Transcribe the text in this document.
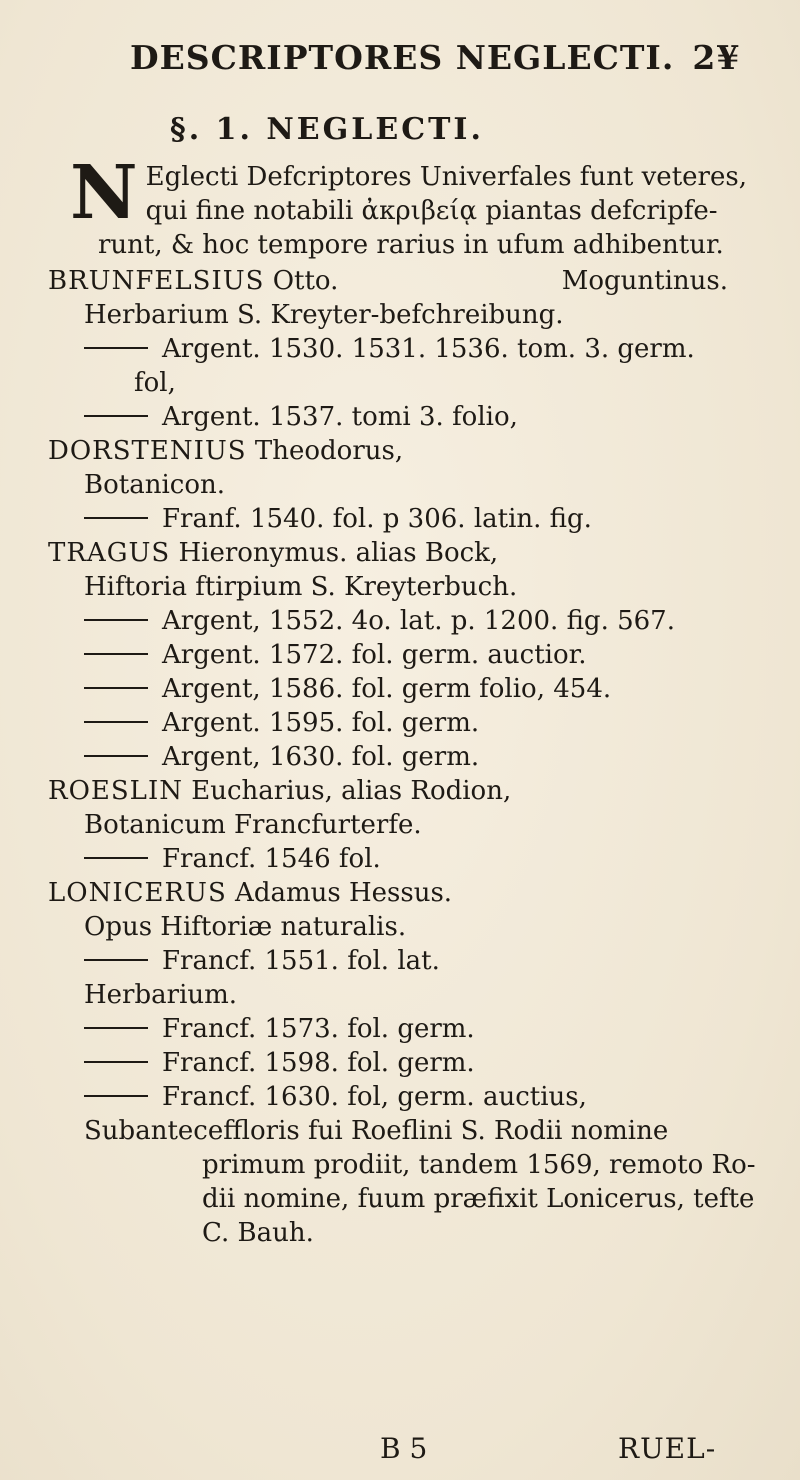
DESCRIPTORES NEGLECTI. 2¥
§. 1. NEGLECTI.
N Eglecti Defcriptores Univerfales funt veteres,
qui fine notabili ἀκριβείᾳ piantas defcripfe-
runt, & hoc tempore rarius in ufum adhibentur.
BRUNFELSIUS Otto.	Moguntinus.
Herbarium S. Kreyter-befchreibung.
Argent. 1530. 1531. 1536. tom. 3. germ.
fol,
Argent. 1537. tomi 3. folio,
DORSTENIUS Theodorus,
Botanicon.
Franf. 1540. fol. p 306. latin. fig.
TRAGUS Hieronymus. alias Bock,
Hiftoria ftirpium S. Kreyterbuch.
Argent, 1552. 4o. lat. p. 1200. fig. 567.
Argent. 1572. fol. germ. auctior.
Argent, 1586. fol. germ folio, 454.
Argent. 1595. fol. germ.
Argent, 1630. fol. germ.
ROESLIN Eucharius, alias Rodion,
Botanicum Francfurterfe.
Francf. 1546 fol.
LONICERUS Adamus Hessus.
Opus Hiftoriæ naturalis.
Francf. 1551. fol. lat.
Herbarium.
Francf. 1573. fol. germ.
Francf. 1598. fol. germ.
Francf. 1630. fol, germ. auctius,
Subanteceffloris fui Roeflini S. Rodii nomine
primum prodiit, tandem 1569, remoto Ro-
dii nomine, fuum præfixit Lonicerus, tefte
C. Bauh.
B 5	RUEL-
